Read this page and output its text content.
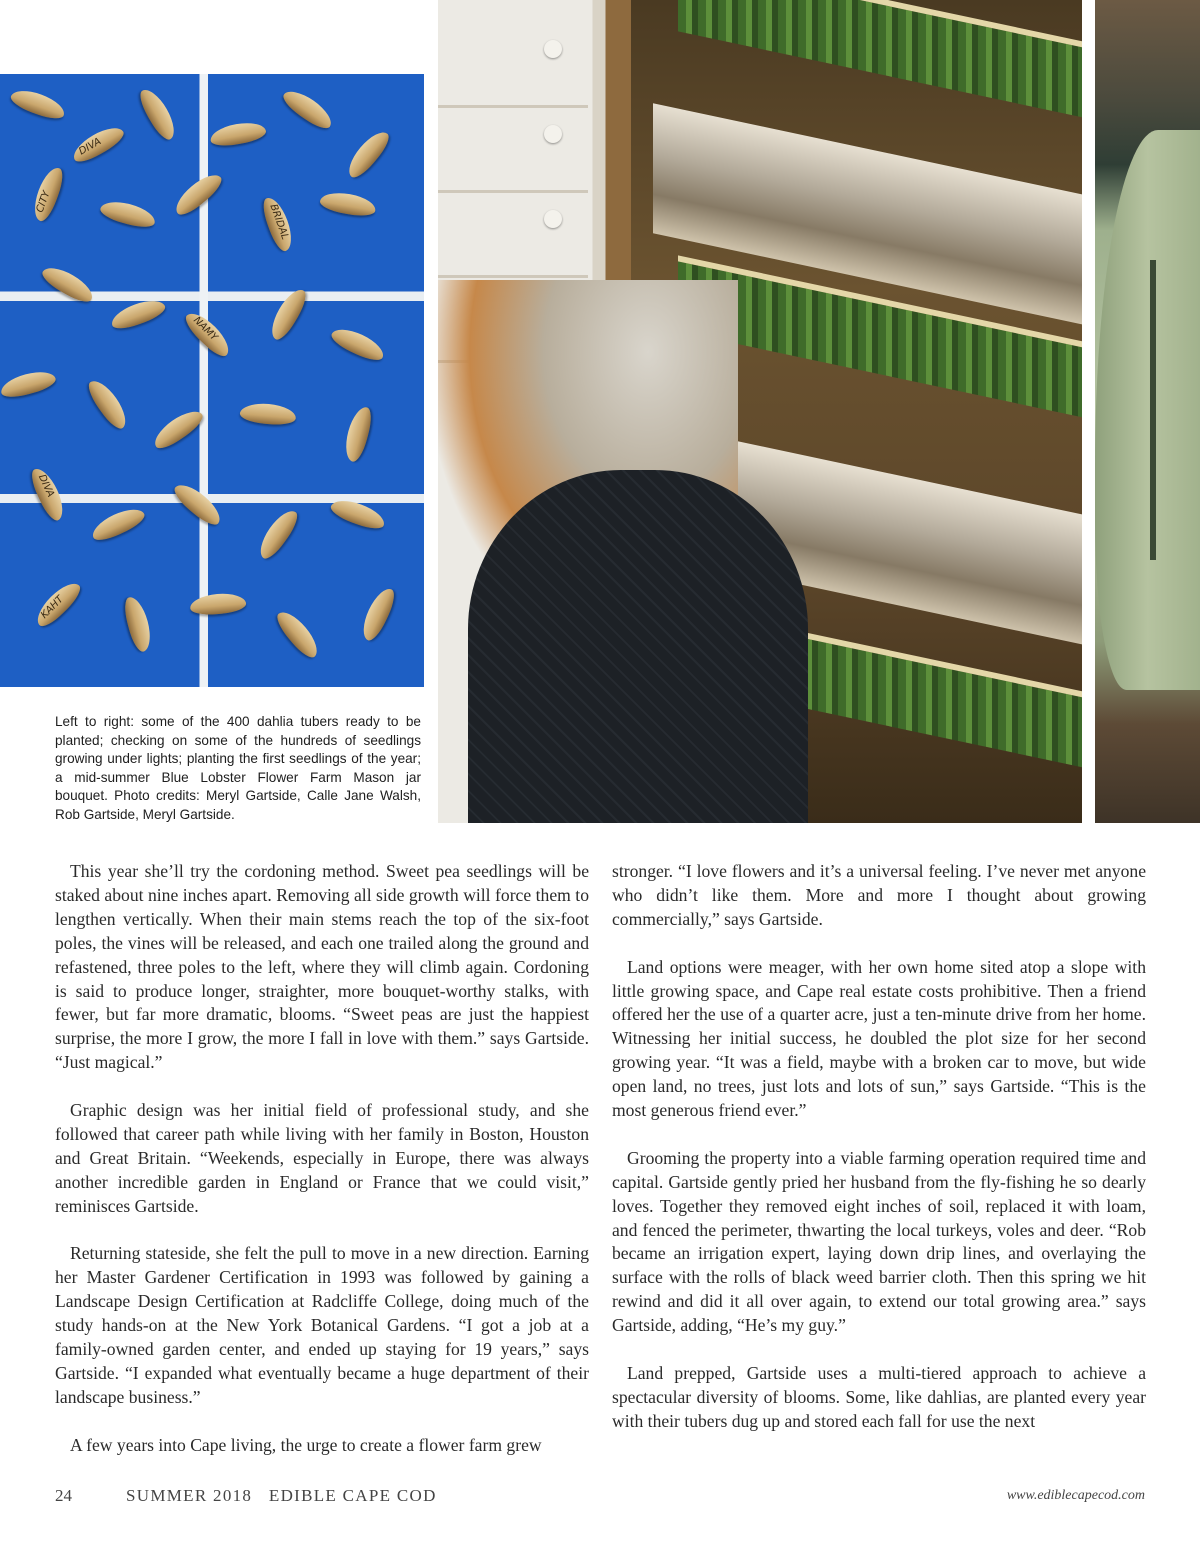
DIVA
CITY
BRIDAL
NAMY
DIVA
KAHT
Left to right: some of the 400 dahlia tubers ready to be planted; checking on some of the hundreds of seedlings growing under lights; planting the first seedlings of the year; a mid-summer Blue Lobster Flower Farm Mason jar bouquet. Photo credits: Meryl Gartside, Calle Jane Walsh, Rob Gartside, Meryl Gartside.

This year she’ll try the cordoning method. Sweet pea seedlings will be staked about nine inches apart. Removing all side growth will force them to lengthen vertically. When their main stems reach the top of the six-foot poles, the vines will be released, and each one trailed along the ground and refastened, three poles to the left, where they will climb again. Cordoning is said to produce longer, straighter, more bouquet-worthy stalks, with fewer, but far more dramatic, blooms. “Sweet peas are just the happiest surprise, the more I grow, the more I fall in love with them.” says Gartside. “Just magical.”

Graphic design was her initial field of professional study, and she followed that career path while living with her family in Boston, Houston and Great Britain. “Weekends, especially in Europe, there was always another incredible garden in England or France that we could visit,” reminisces Gartside.

Returning stateside, she felt the pull to move in a new direction. Earning her Master Gardener Certification in 1993 was followed by gaining a Landscape Design Certification at Radcliffe College, doing much of the study hands-on at the New York Botanical Gardens. “I got a job at a family-owned garden center, and ended up staying for 19 years,” says Gartside. “I expanded what eventually became a huge department of their landscape business.”

A few years into Cape living, the urge to create a flower farm grew

stronger. “I love flowers and it’s a universal feeling. I’ve never met anyone who didn’t like them. More and more I thought about growing commercially,” says Gartside.

Land options were meager, with her own home sited atop a slope with little growing space, and Cape real estate costs prohibitive. Then a friend offered her the use of a quarter acre, just a ten-minute drive from her home. Witnessing her initial success, he doubled the plot size for her second growing year. “It was a field, maybe with a broken car to move, but wide open land, no trees, just lots and lots of sun,” says Gartside. “This is the most generous friend ever.”

Grooming the property into a viable farming operation required time and capital. Gartside gently pried her husband from the fly-fishing he so dearly loves. Together they removed eight inches of soil, replaced it with loam, and fenced the perimeter, thwarting the local turkeys, voles and deer. “Rob became an irrigation expert, laying down drip lines, and overlaying the surface with the rolls of black weed barrier cloth. Then this spring we hit rewind and did it all over again, to extend our total growing area.” says Gartside, adding, “He’s my guy.”

Land prepped, Gartside uses a multi-tiered approach to achieve a spectacular diversity of blooms. Some, like dahlias, are planted every year with their tubers dug up and stored each fall for use the next

24	SUMMER 2018   EDIBLE CAPE COD	www.ediblecapecod.com
